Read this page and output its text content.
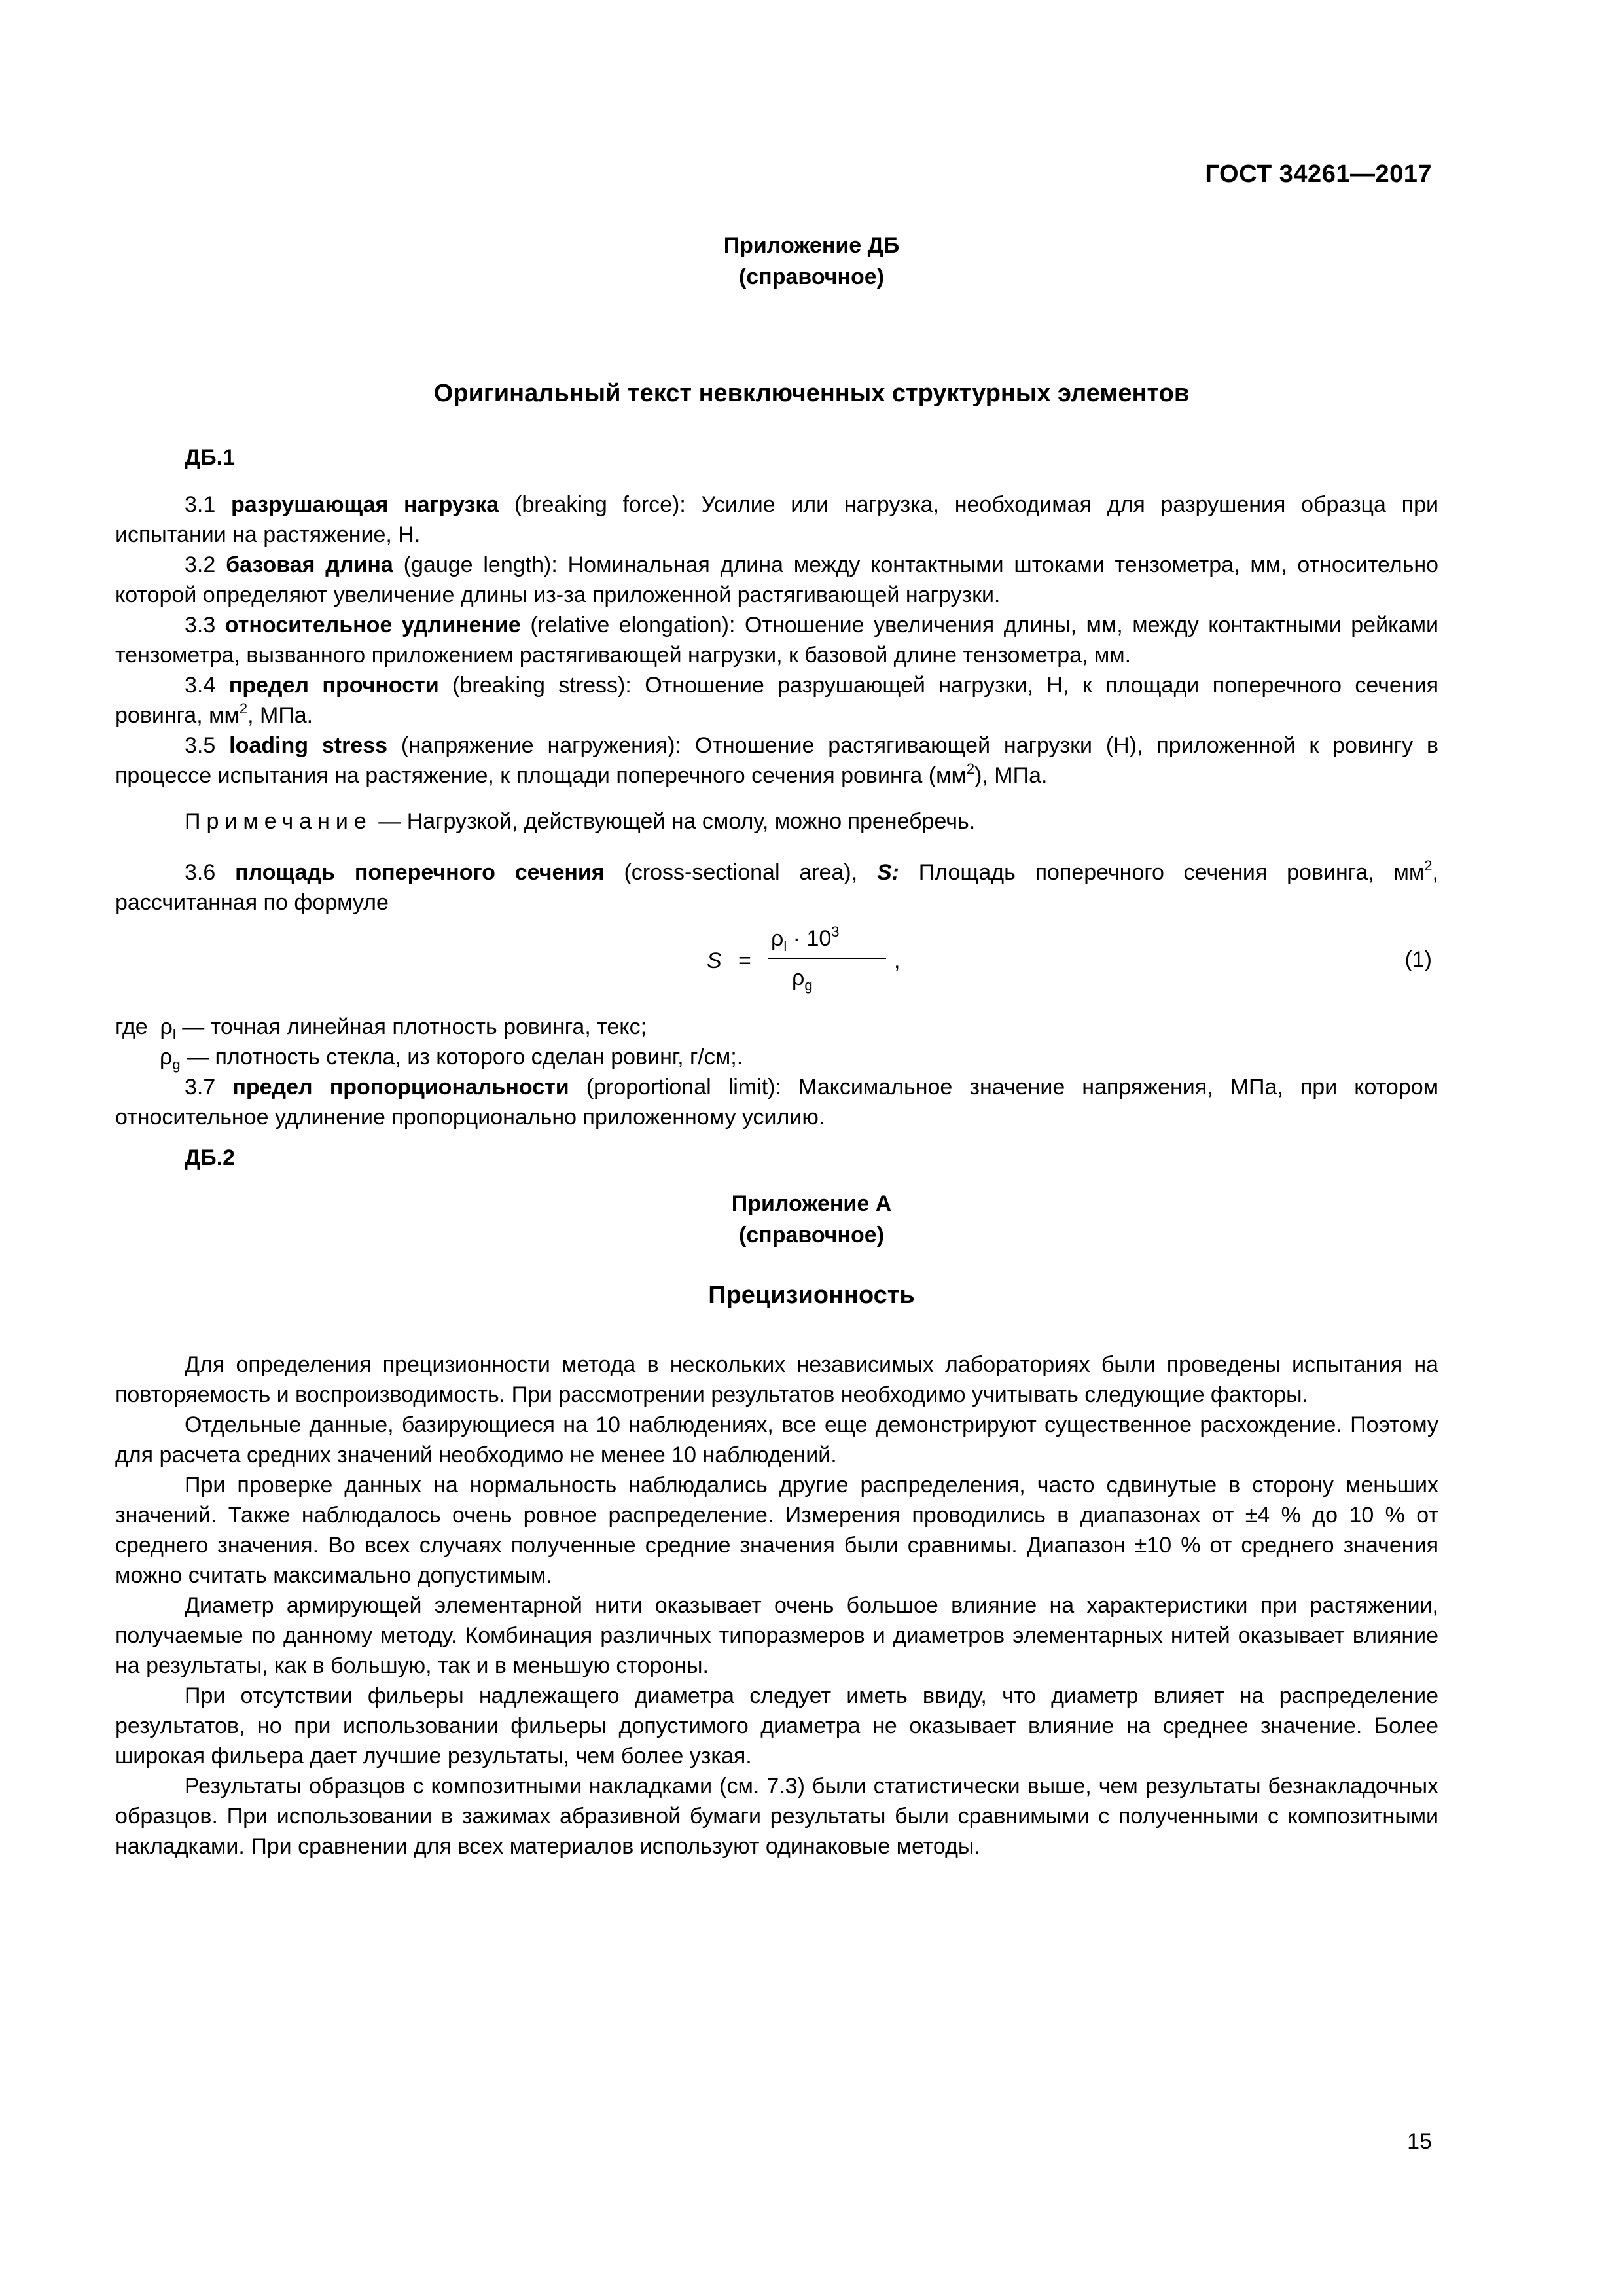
ГОСТ 34261—2017
Приложение ДБ
(справочное)
Оригинальный текст невключенных структурных элементов
ДБ.1

3.1 разрушающая нагрузка (breaking force): Усилие или нагрузка, необходимая для разрушения образца при испытании на растяжение, Н.

3.2 базовая длина (gauge length): Номинальная длина между контактными штоками тензометра, мм, относительно которой определяют увеличение длины из-за приложенной растягивающей нагрузки.

3.3 относительное удлинение (relative elongation): Отношение увеличения длины, мм, между контактными рейками тензометра, вызванного приложением растягивающей нагрузки, к базовой длине тензометра, мм.

3.4 предел прочности (breaking stress): Отношение разрушающей нагрузки, Н, к площади поперечного сечения ровинга, $мм^2$, МПа.

3.5 loading stress (напряжение нагружения): Отношение растягивающей нагрузки (Н), приложенной к ровингу в процессе испытания на растяжение, к площади поперечного сечения ровинга $(мм^2)$, МПа.

Примечание — Нагрузкой, действующей на смолу, можно пренебречь.

3.6 площадь поперечного сечения (cross-sectional area), S: Площадь поперечного сечения ровинга, $мм^2$, рассчитанная по формуле

S =
$\rho_l \cdot 10^3$
$\rho_g$
,	(1)
где $\rho_l$ — точная линейная плотность ровинга, текс;
$\rho_g$ — плотность стекла, из которого сделан ровинг, г/см;.

3.7 предел пропорциональности (proportional limit): Максимальное значение напряжения, МПа, при котором относительное удлинение пропорционально приложенному усилию.

ДБ.2
Приложение А
(справочное)
Прецизионность

Для определения прецизионности метода в нескольких независимых лабораториях были проведены испытания на повторяемость и воспроизводимость. При рассмотрении результатов необходимо учитывать следующие факторы.

Отдельные данные, базирующиеся на 10 наблюдениях, все еще демонстрируют существенное расхождение. Поэтому для расчета средних значений необходимо не менее 10 наблюдений.

При проверке данных на нормальность наблюдались другие распределения, часто сдвинутые в сторону меньших значений. Также наблюдалось очень ровное распределение. Измерения проводились в диапазонах от ±4 % до 10 % от среднего значения. Во всех случаях полученные средние значения были сравнимы. Диапазон ±10 % от среднего значения можно считать максимально допустимым.

Диаметр армирующей элементарной нити оказывает очень большое влияние на характеристики при растяжении, получаемые по данному методу. Комбинация различных типоразмеров и диаметров элементарных нитей оказывает влияние на результаты, как в большую, так и в меньшую стороны.

При отсутствии фильеры надлежащего диаметра следует иметь ввиду, что диаметр влияет на распределение результатов, но при использовании фильеры допустимого диаметра не оказывает влияние на среднее значение. Более широкая фильера дает лучшие результаты, чем более узкая.

Результаты образцов с композитными накладками (см. 7.3) были статистически выше, чем результаты безнакладочных образцов. При использовании в зажимах абразивной бумаги результаты были сравнимыми с полученными с композитными накладками. При сравнении для всех материалов используют одинаковые методы.

15
